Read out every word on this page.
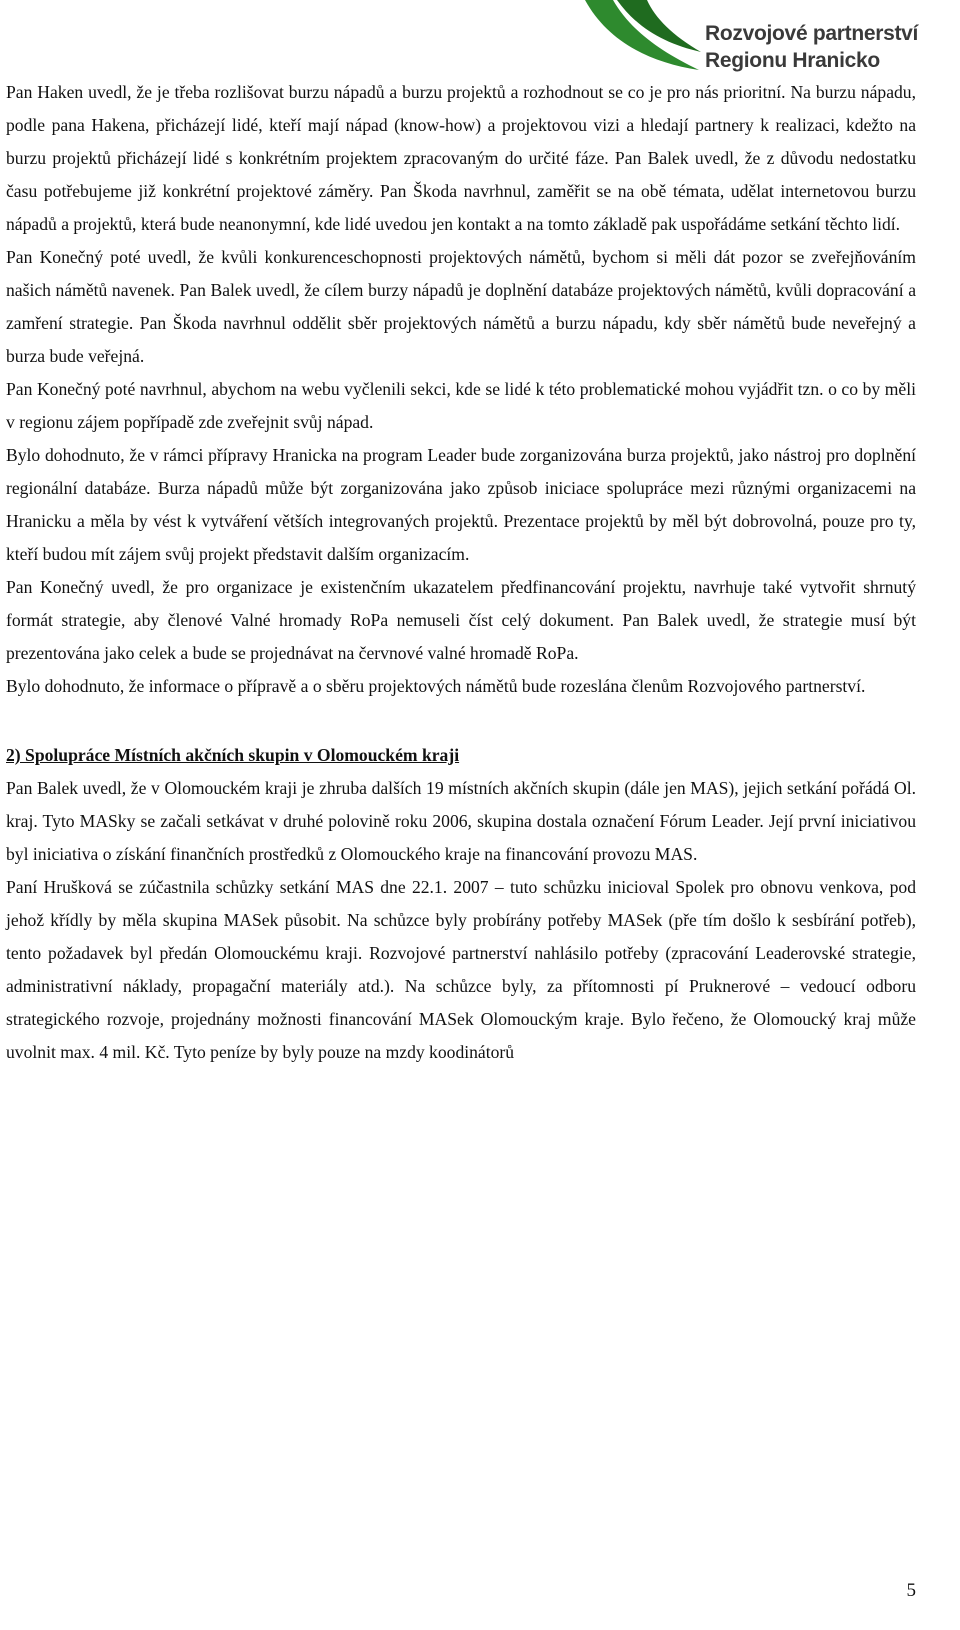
Rozvojové partnerství
Regionu Hranicko

Pan Haken uvedl, že je třeba rozlišovat burzu nápadů a burzu projektů a rozhodnout se co je pro nás prioritní. Na burzu nápadu, podle pana Hakena, přicházejí lidé, kteří mají nápad (know-how) a projektovou vizi a hledají partnery k realizaci, kdežto na burzu projektů přicházejí lidé s konkrétním projektem zpracovaným do určité fáze. Pan Balek uvedl, že z důvodu nedostatku času potřebujeme již konkrétní projektové záměry. Pan Škoda navrhnul, zaměřit se na obě témata, udělat internetovou burzu nápadů a projektů, která bude neanonymní, kde lidé uvedou jen kontakt a na tomto základě pak uspořádáme setkání těchto lidí.

Pan Konečný poté uvedl, že kvůli konkurenceschopnosti projektových námětů, bychom si měli dát pozor se zveřejňováním našich námětů navenek. Pan Balek uvedl, že cílem burzy nápadů je doplnění databáze projektových námětů, kvůli dopracování a zamření strategie. Pan Škoda navrhnul oddělit sběr projektových námětů a burzu nápadu, kdy sběr námětů bude neveřejný a burza bude veřejná.

Pan Konečný poté navrhnul, abychom na webu vyčlenili sekci, kde se lidé k této problematické mohou vyjádřit tzn. o co by měli v regionu zájem popřípadě zde zveřejnit svůj nápad.

Bylo dohodnuto, že v rámci přípravy Hranicka na program Leader bude zorganizována burza projektů, jako nástroj pro doplnění regionální databáze. Burza nápadů může být zorganizována jako způsob iniciace spolupráce mezi různými organizacemi na Hranicku a měla by vést k vytváření větších integrovaných projektů. Prezentace projektů by měl být dobrovolná, pouze pro ty, kteří budou mít zájem svůj projekt představit dalším organizacím.

Pan Konečný uvedl, že pro organizace je existenčním ukazatelem předfinancování projektu, navrhuje také vytvořit shrnutý formát strategie, aby členové Valné hromady RoPa nemuseli číst celý dokument. Pan Balek uvedl, že strategie musí být prezentována jako celek a bude se projednávat na červnové valné hromadě RoPa.

Bylo dohodnuto, že informace o přípravě a o sběru projektových námětů bude rozeslána členům Rozvojového partnerství.

2) Spolupráce Místních akčních skupin v Olomouckém kraji

Pan Balek uvedl, že v Olomouckém kraji je zhruba dalších 19 místních akčních skupin (dále jen MAS), jejich setkání pořádá Ol. kraj. Tyto MASky se začali setkávat v druhé polovině roku 2006, skupina dostala označení Fórum Leader. Její první iniciativou byl iniciativa o získání finančních prostředků z Olomouckého kraje na financování provozu MAS.

Paní Hrušková se zúčastnila schůzky setkání MAS dne 22.1. 2007 – tuto schůzku inicioval Spolek pro obnovu venkova, pod jehož křídly by měla skupina MASek působit. Na schůzce byly probírány potřeby MASek (pře tím došlo k sesbírání potřeb), tento požadavek byl předán Olomouckému kraji. Rozvojové partnerství nahlásilo potřeby (zpracování Leaderovské strategie, administrativní náklady, propagační materiály atd.). Na schůzce byly, za přítomnosti pí Pruknerové – vedoucí odboru strategického rozvoje, projednány možnosti financování MASek Olomouckým kraje. Bylo řečeno, že Olomoucký kraj může uvolnit max. 4 mil. Kč. Tyto peníze by byly pouze na mzdy koodinátorů

5
